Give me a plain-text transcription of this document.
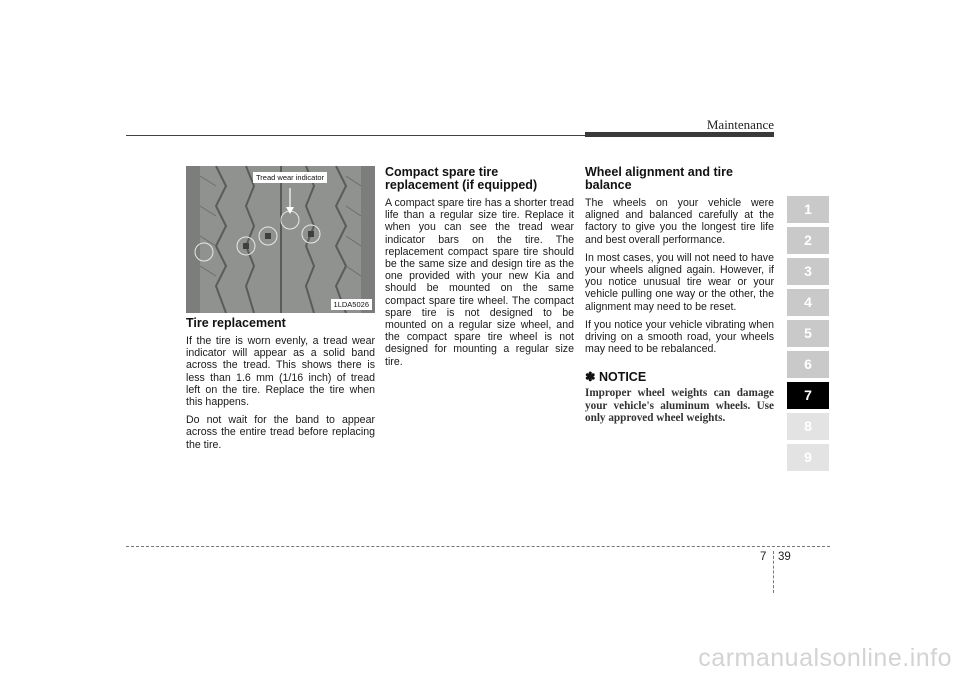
Maintenance
Tread wear indicator
1LDA5026
Tire replacement

If the tire is worn evenly, a tread wear indicator will appear as a solid band across the tread. This shows there is less than 1.6 mm (1/16 inch) of tread left on the tire. Replace the tire when this happens.

Do not wait for the band to appear across the entire tread before replacing the tire.

Compact spare tire replacement (if equipped)

A compact spare tire has a shorter tread life than a regular size tire. Replace it when you can see the tread wear indicator bars on the tire. The replacement compact spare tire should be the same size and design tire as the one provided with your new Kia and should be mounted on the same compact spare tire wheel. The compact spare tire is not designed to be mounted on a regular size wheel, and the compact spare tire wheel is not designed for mounting a regular size tire.

Wheel alignment and tire balance

The wheels on your vehicle were aligned and balanced carefully at the factory to give you the longest tire life and best overall performance.

In most cases, you will not need to have your wheels aligned again. However, if you notice unusual tire wear or your vehicle pulling one way or the other, the alignment may need to be reset.

If you notice your vehicle vibrating when driving on a smooth road, your wheels may need to be rebalanced.

✽ NOTICE

Improper wheel weights can damage your vehicle's aluminum wheels. Use only approved wheel weights.

1
2
3
4
5
6
7
8
9
7 39
carmanualsonline.info
